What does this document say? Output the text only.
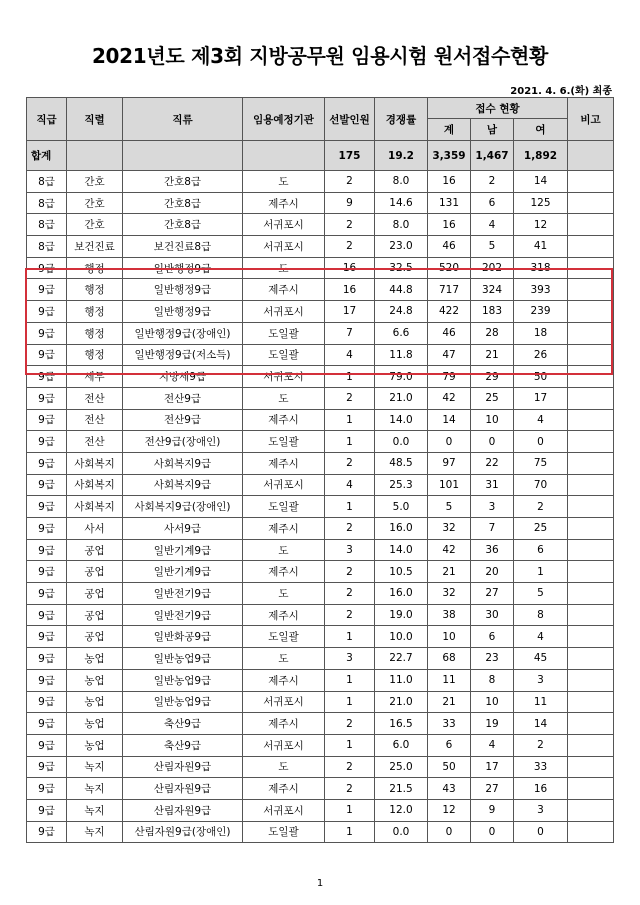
2021년도 제3회 지방공무원 임용시험 원서접수현황
2021. 4. 6.(화) 최종
직급	직렬	직류	임용예정기관	선발인원	경쟁률	접수 현황			비고
						계	남	여	
합계				175	19.2	3,359	1,467	1,892	
8급	간호	간호8급	도	2	8.0	16	2	14	
8급	간호	간호8급	제주시	9	14.6	131	6	125	
8급	간호	간호8급	서귀포시	2	8.0	16	4	12	
8급	보건진료	보건진료8급	서귀포시	2	23.0	46	5	41	
9급	행정	일반행정9급	도	16	32.5	520	202	318	
9급	행정	일반행정9급	제주시	16	44.8	717	324	393	
9급	행정	일반행정9급	서귀포시	17	24.8	422	183	239	
9급	행정	일반행정9급(장애인)	도일괄	7	6.6	46	28	18	
9급	행정	일반행정9급(저소득)	도일괄	4	11.8	47	21	26	
9급	세무	지방세9급	서귀포시	1	79.0	79	29	50	
9급	전산	전산9급	도	2	21.0	42	25	17	
9급	전산	전산9급	제주시	1	14.0	14	10	4	
9급	전산	전산9급(장애인)	도일괄	1	0.0	0	0	0	
9급	사회복지	사회복지9급	제주시	2	48.5	97	22	75	
9급	사회복지	사회복지9급	서귀포시	4	25.3	101	31	70	
9급	사회복지	사회복지9급(장애인)	도일괄	1	5.0	5	3	2	
9급	사서	사서9급	제주시	2	16.0	32	7	25	
9급	공업	일반기계9급	도	3	14.0	42	36	6	
9급	공업	일반기계9급	제주시	2	10.5	21	20	1	
9급	공업	일반전기9급	도	2	16.0	32	27	5	
9급	공업	일반전기9급	제주시	2	19.0	38	30	8	
9급	공업	일반화공9급	도일괄	1	10.0	10	6	4	
9급	농업	일반농업9급	도	3	22.7	68	23	45	
9급	농업	일반농업9급	제주시	1	11.0	11	8	3	
9급	농업	일반농업9급	서귀포시	1	21.0	21	10	11	
9급	농업	축산9급	제주시	2	16.5	33	19	14	
9급	농업	축산9급	서귀포시	1	6.0	6	4	2	
9급	녹지	산림자원9급	도	2	25.0	50	17	33	
9급	녹지	산림자원9급	제주시	2	21.5	43	27	16	
9급	녹지	산림자원9급	서귀포시	1	12.0	12	9	3	
9급	녹지	산림자원9급(장애인)	도일괄	1	0.0	0	0	0	
1
